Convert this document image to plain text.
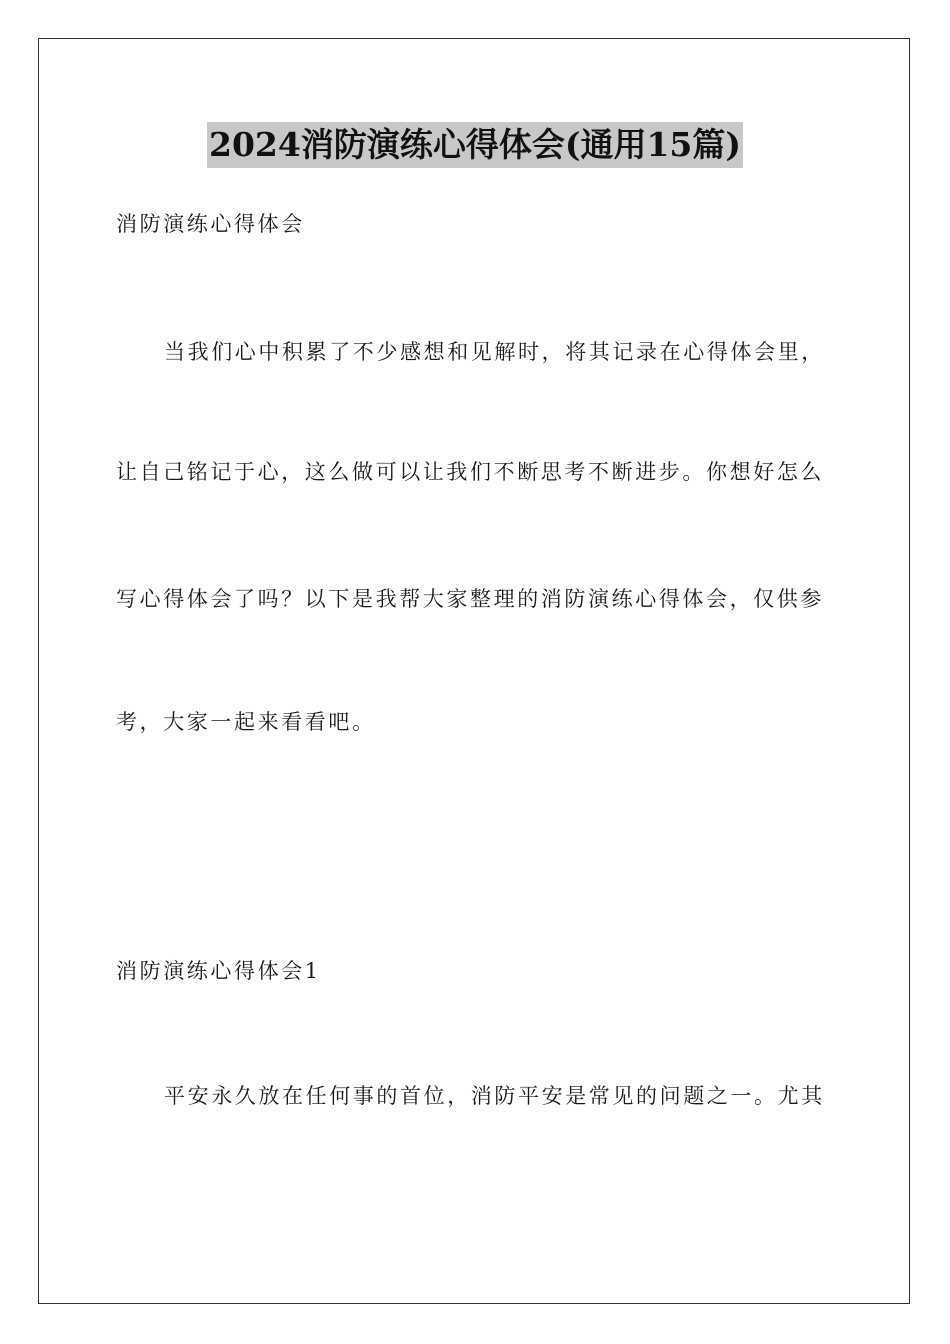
2024消防演练心得体会(通用15篇)
消防演练心得体会
当我们心中积累了不少感想和见解时，将其记录在心得体会里，
让自己铭记于心，这么做可以让我们不断思考不断进步。你想好怎么
写心得体会了吗？以下是我帮大家整理的消防演练心得体会，仅供参
考，大家一起来看看吧。
消防演练心得体会1
平安永久放在任何事的首位，消防平安是常见的问题之一。尤其
